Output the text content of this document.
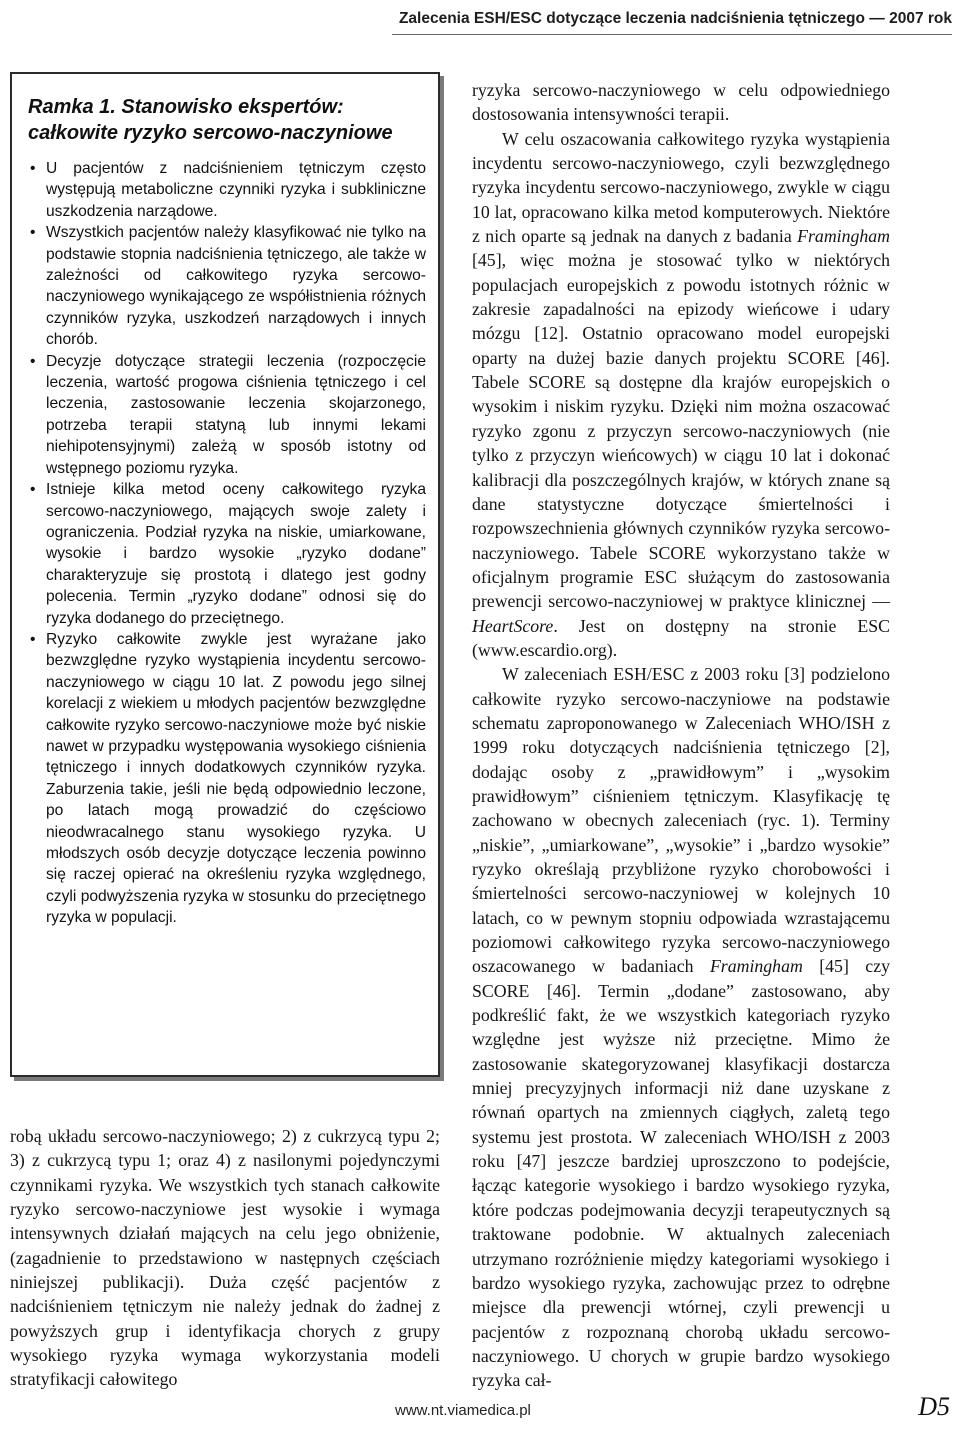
Zalecenia ESH/ESC dotyczące leczenia nadciśnienia tętniczego — 2007 rok
Ramka 1. Stanowisko ekspertów:
całkowite ryzyko sercowo-naczyniowe
• U pacjentów z nadciśnieniem tętniczym często występują metaboliczne czynniki ryzyka i subkliniczne uszkodzenia narządowe.
• Wszystkich pacjentów należy klasyfikować nie tylko na podstawie stopnia nadciśnienia tętniczego, ale także w zależności od całkowitego ryzyka sercowo-naczyniowego wynikającego ze współistnienia różnych czynników ryzyka, uszkodzeń narządowych i innych chorób.
• Decyzje dotyczące strategii leczenia (rozpoczęcie leczenia, wartość progowa ciśnienia tętniczego i cel leczenia, zastosowanie leczenia skojarzonego, potrzeba terapii statyną lub innymi lekami niehipotensyjnymi) zależą w sposób istotny od wstępnego poziomu ryzyka.
• Istnieje kilka metod oceny całkowitego ryzyka sercowo-naczyniowego, mających swoje zalety i ograniczenia. Podział ryzyka na niskie, umiarkowane, wysokie i bardzo wysokie „ryzyko dodane” charakteryzuje się prostotą i dlatego jest godny polecenia. Termin „ryzyko dodane” odnosi się do ryzyka dodanego do przeciętnego.
• Ryzyko całkowite zwykle jest wyrażane jako bezwzględne ryzyko wystąpienia incydentu sercowo-naczyniowego w ciągu 10 lat. Z powodu jego silnej korelacji z wiekiem u młodych pacjentów bezwzględne całkowite ryzyko sercowo-naczyniowe może być niskie nawet w przypadku występowania wysokiego ciśnienia tętniczego i innych dodatkowych czynników ryzyka. Zaburzenia takie, jeśli nie będą odpowiednio leczone, po latach mogą prowadzić do częściowo nieodwracalnego stanu wysokiego ryzyka. U młodszych osób decyzje dotyczące leczenia powinno się raczej opierać na określeniu ryzyka względnego, czyli podwyższenia ryzyka w stosunku do przeciętnego ryzyka w populacji.

robą układu sercowo-naczyniowego; 2) z cukrzycą typu 2; 3) z cukrzycą typu 1; oraz 4) z nasilonymi pojedynczymi czynnikami ryzyka. We wszystkich tych stanach całkowite ryzyko sercowo-naczyniowe jest wysokie i wymaga intensywnych działań mających na celu jego obniżenie, (zagadnienie to przedstawiono w następnych częściach niniejszej publikacji). Duża część pacjentów z nadciśnieniem tętniczym nie należy jednak do żadnej z powyższych grup i identyfikacja chorych z grupy wysokiego ryzyka wymaga wykorzystania modeli stratyfikacji całowitego

ryzyka sercowo-naczyniowego w celu odpowiedniego dostosowania intensywności terapii.

W celu oszacowania całkowitego ryzyka wystąpienia incydentu sercowo-naczyniowego, czyli bezwzględnego ryzyka incydentu sercowo-naczyniowego, zwykle w ciągu 10 lat, opracowano kilka metod komputerowych. Niektóre z nich oparte są jednak na danych z badania Framingham [45], więc można je stosować tylko w niektórych populacjach europejskich z powodu istotnych różnic w zakresie zapadalności na epizody wieńcowe i udary mózgu [12]. Ostatnio opracowano model europejski oparty na dużej bazie danych projektu SCORE [46]. Tabele SCORE są dostępne dla krajów europejskich o wysokim i niskim ryzyku. Dzięki nim można oszacować ryzyko zgonu z przyczyn sercowo-naczyniowych (nie tylko z przyczyn wieńcowych) w ciągu 10 lat i dokonać kalibracji dla poszczególnych krajów, w których znane są dane statystyczne dotyczące śmiertelności i rozpowszechnienia głównych czynników ryzyka sercowo-naczyniowego. Tabele SCORE wykorzystano także w oficjalnym programie ESC służącym do zastosowania prewencji sercowo-naczyniowej w praktyce klinicznej — HeartScore. Jest on dostępny na stronie ESC (www.escardio.org).

W zaleceniach ESH/ESC z 2003 roku [3] podzielono całkowite ryzyko sercowo-naczyniowe na podstawie schematu zaproponowanego w Zaleceniach WHO/ISH z 1999 roku dotyczących nadciśnienia tętniczego [2], dodając osoby z „prawidłowym” i „wysokim prawidłowym” ciśnieniem tętniczym. Klasyfikację tę zachowano w obecnych zaleceniach (ryc. 1). Terminy „niskie”, „umiarkowane”, „wysokie” i „bardzo wysokie” ryzyko określają przybliżone ryzyko chorobowości i śmiertelności sercowo-naczyniowej w kolejnych 10 latach, co w pewnym stopniu odpowiada wzrastającemu poziomowi całkowitego ryzyka sercowo-naczyniowego oszacowanego w badaniach Framingham [45] czy SCORE [46]. Termin „dodane” zastosowano, aby podkreślić fakt, że we wszystkich kategoriach ryzyko względne jest wyższe niż przeciętne. Mimo że zastosowanie skategoryzowanej klasyfikacji dostarcza mniej precyzyjnych informacji niż dane uzyskane z równań opartych na zmiennych ciągłych, zaletą tego systemu jest prostota. W zaleceniach WHO/ISH z 2003 roku [47] jeszcze bardziej uproszczono to podejście, łącząc kategorie wysokiego i bardzo wysokiego ryzyka, które podczas podejmowania decyzji terapeutycznych są traktowane podobnie. W aktualnych zaleceniach utrzymano rozróżnienie między kategoriami wysokiego i bardzo wysokiego ryzyka, zachowując przez to odrębne miejsce dla prewencji wtórnej, czyli prewencji u pacjentów z rozpoznaną chorobą układu sercowo-naczyniowego. U chorych w grupie bardzo wysokiego ryzyka cał-

www.nt.viamedica.pl	D5
